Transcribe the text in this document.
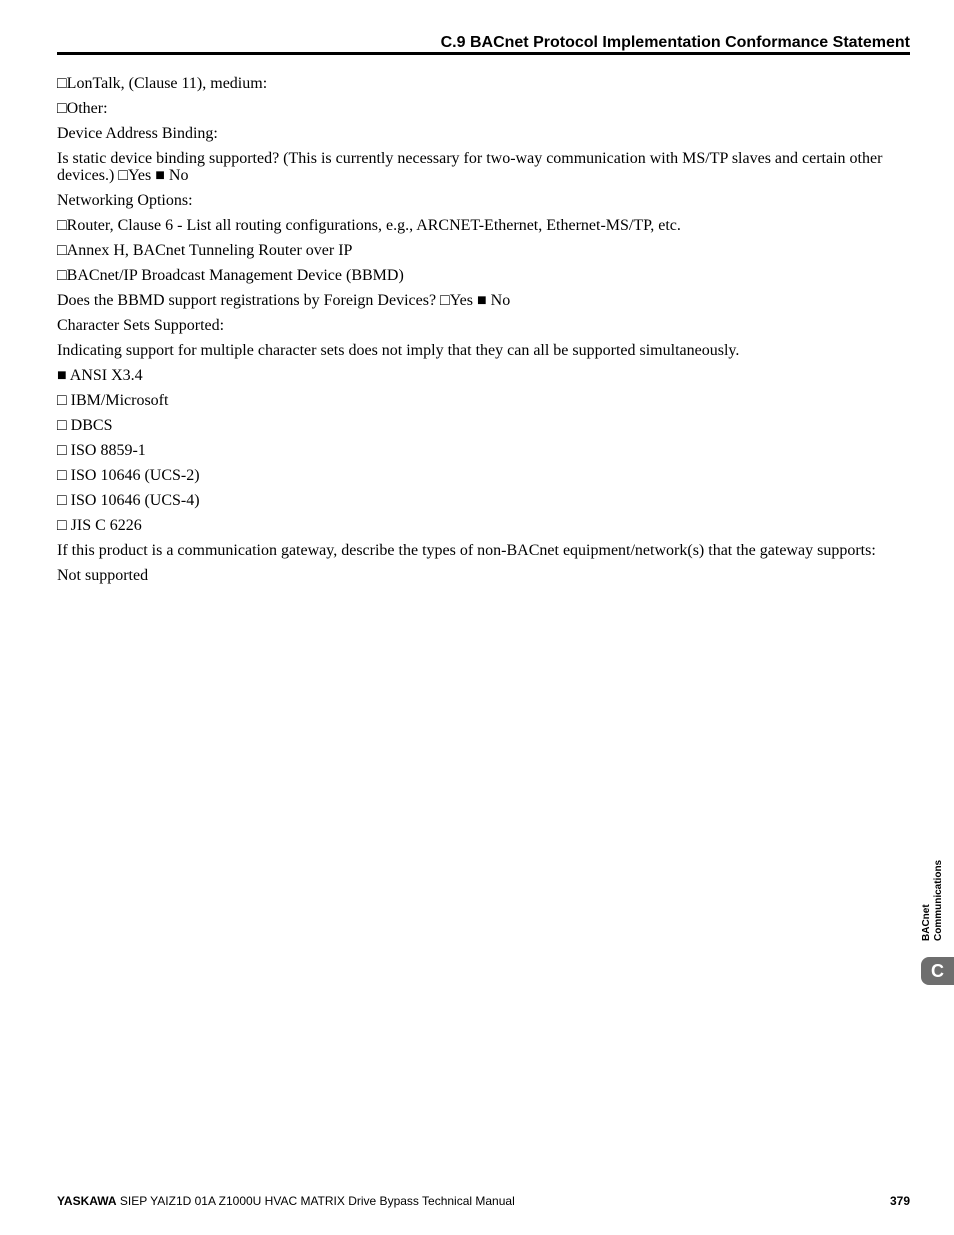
C.9 BACnet Protocol Implementation Conformance Statement

□LonTalk, (Clause 11), medium:

□Other:

Device Address Binding:

Is static device binding supported? (This is currently necessary for two-way communication with MS/TP slaves and certain other devices.) □Yes ■ No

Networking Options:

□Router, Clause 6 - List all routing configurations, e.g., ARCNET-Ethernet, Ethernet-MS/TP, etc.

□Annex H, BACnet Tunneling Router over IP

□BACnet/IP Broadcast Management Device (BBMD)

Does the BBMD support registrations by Foreign Devices? □Yes ■ No

Character Sets Supported:

Indicating support for multiple character sets does not imply that they can all be supported simultaneously.

■ ANSI X3.4

□ IBM/Microsoft

□ DBCS

□ ISO 8859-1

□ ISO 10646 (UCS-2)

□ ISO 10646 (UCS-4)

□ JIS C 6226

If this product is a communication gateway, describe the types of non-BACnet equipment/network(s) that the gateway supports:

Not supported

BACnet Communications
C
YASKAWA SIEP YAIZ1D 01A Z1000U HVAC MATRIX Drive Bypass Technical Manual	379
